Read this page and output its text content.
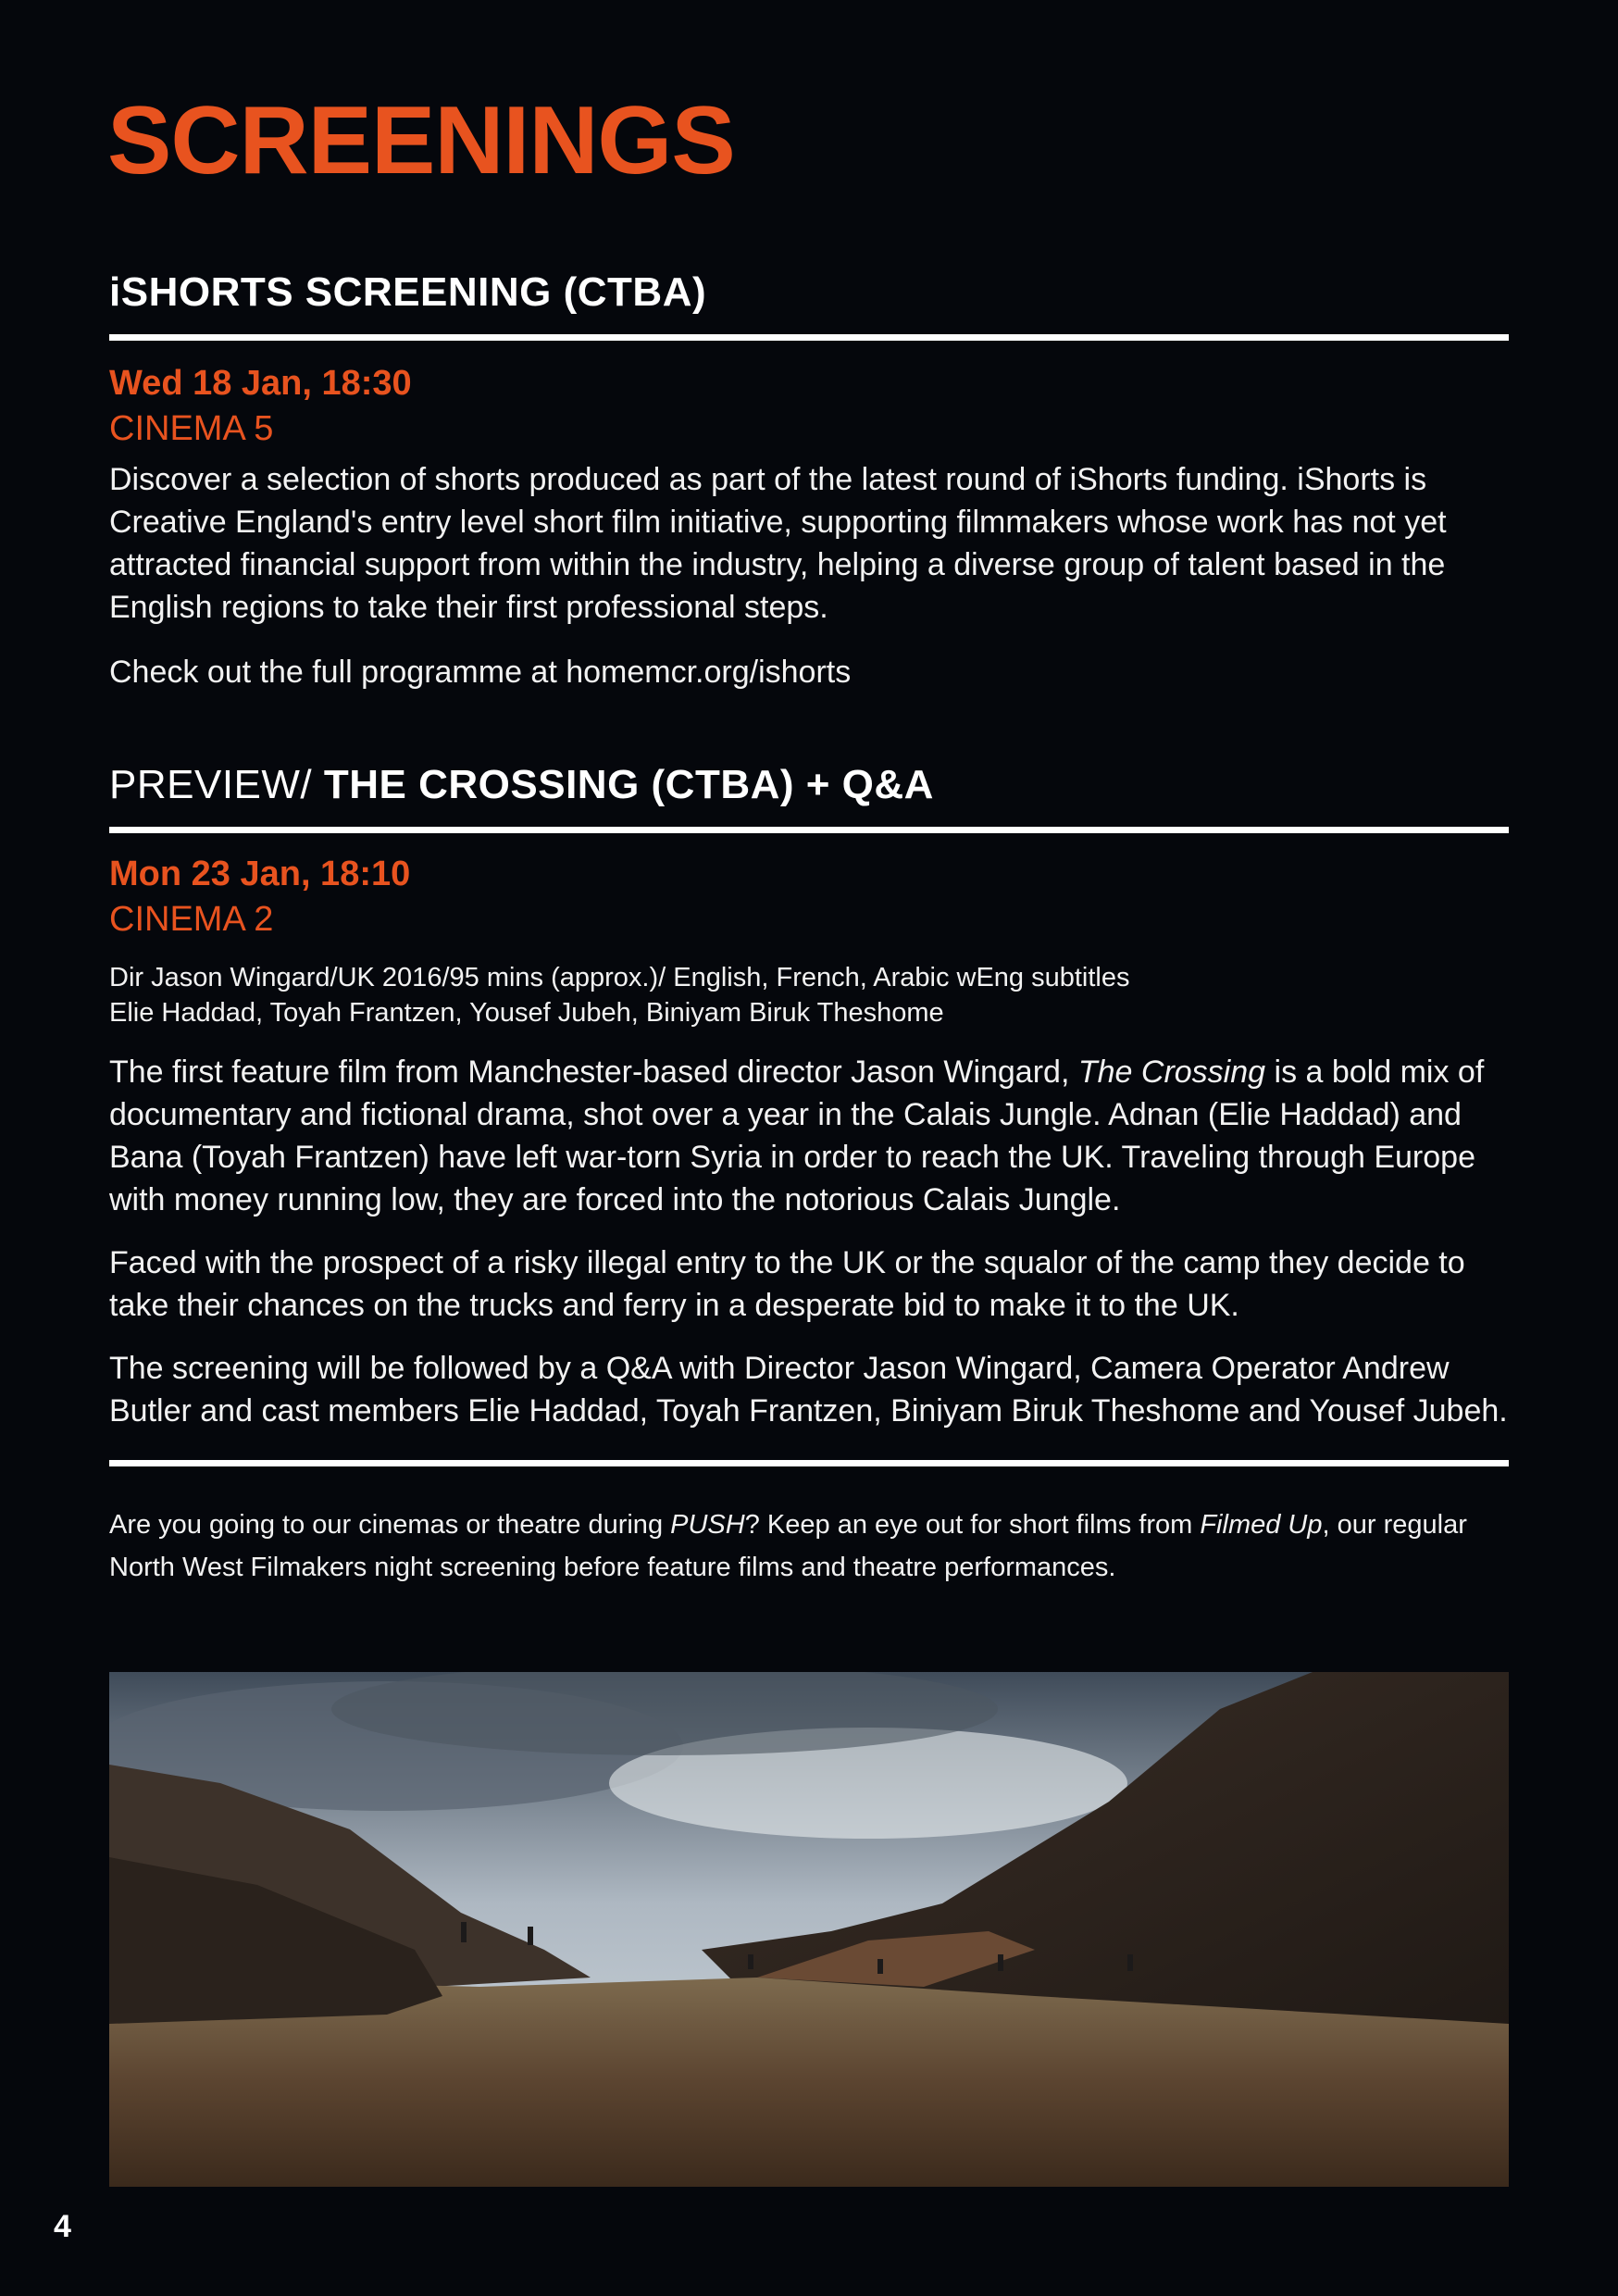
SCREENINGS
iSHORTS SCREENING (CTBA)

Wed 18 Jan, 18:30

CINEMA 5

Discover a selection of shorts produced as part of the latest round of iShorts funding. iShorts is Creative England's entry level short film initiative, supporting filmmakers whose work has not yet attracted financial support from within the industry, helping a diverse group of talent based in the English regions to take their first professional steps.

Check out the full programme at homemcr.org/ishorts

PREVIEW/ THE CROSSING (CTBA) + Q&A

Mon 23 Jan, 18:10

CINEMA 2

Dir Jason Wingard/UK 2016/95 mins (approx.)/ English, French, Arabic wEng subtitles

Elie Haddad, Toyah Frantzen, Yousef Jubeh, Biniyam Biruk Theshome

The first feature film from Manchester-based director Jason Wingard, The Crossing is a bold mix of documentary and fictional drama, shot over a year in the Calais Jungle. Adnan (Elie Haddad) and Bana (Toyah Frantzen) have left war-torn Syria in order to reach the UK. Traveling through Europe with money running low, they are forced into the notorious Calais Jungle.

Faced with the prospect of a risky illegal entry to the UK or the squalor of the camp they decide to take their chances on the trucks and ferry in a desperate bid to make it to the UK.

The screening will be followed by a Q&A with Director Jason Wingard, Camera Operator Andrew Butler and cast members Elie Haddad, Toyah Frantzen, Biniyam Biruk Theshome and Yousef Jubeh.

Are you going to our cinemas or theatre during PUSH? Keep an eye out for short films from Filmed Up, our regular North West Filmakers night screening before feature films and theatre performances.

4
